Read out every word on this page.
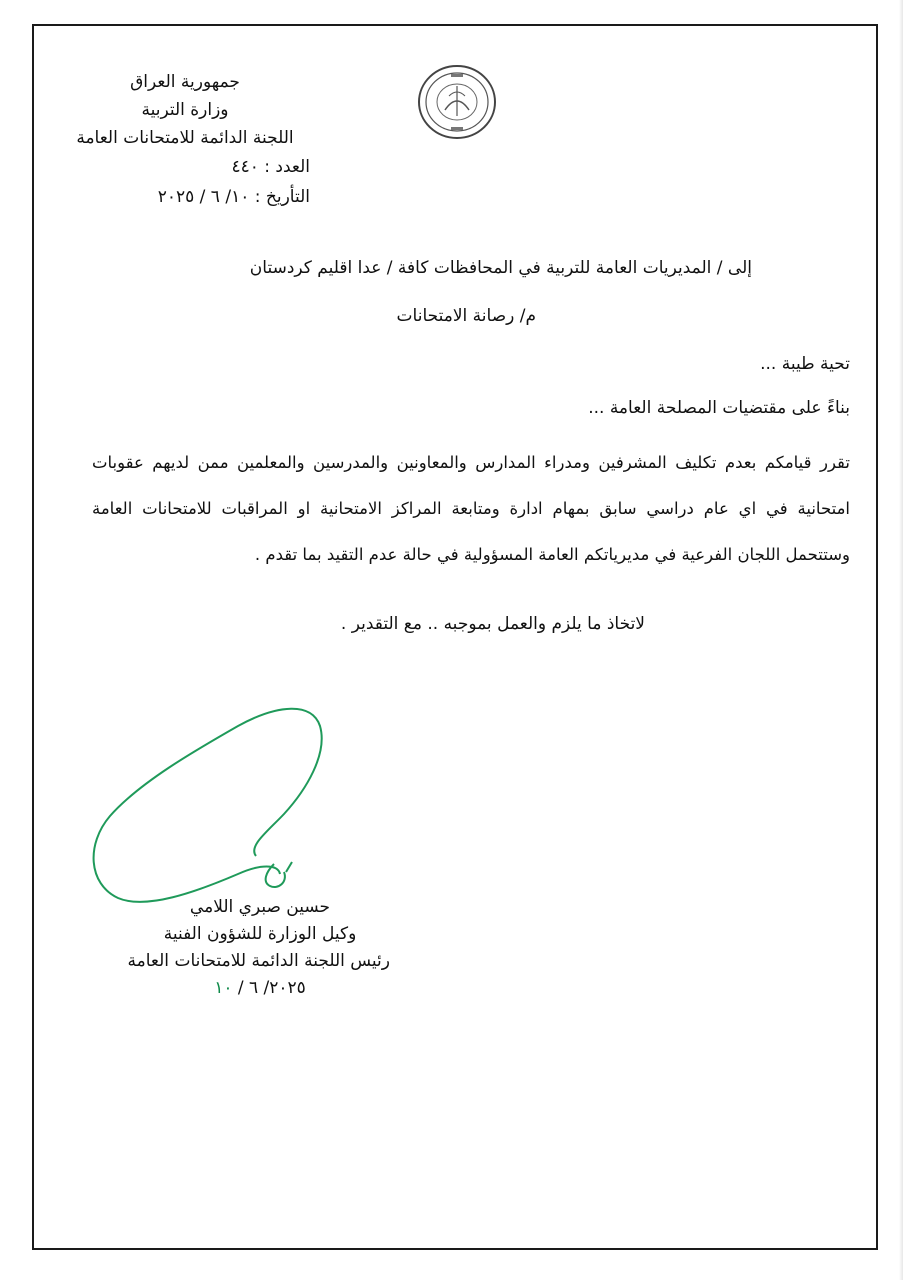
جمهورية العراق
وزارة التربية
اللجنة الدائمة للامتحانات العامة
العدد : ٤٤٠
التأريخ : ١٠/ ٦ / ٢٠٢٥
إلى / المديريات العامة للتربية في المحافظات كافة / عدا اقليم كردستان
م/ رصانة الامتحانات
تحية طيبة ...
بناءً على مقتضيات المصلحة العامة ...
تقرر قيامكم بعدم تكليف المشرفين ومدراء المدارس والمعاونين والمدرسين والمعلمين ممن لديهم عقوبات امتحانية في اي عام دراسي سابق بمهام ادارة ومتابعة المراكز الامتحانية او المراقبات للامتحانات العامة وستتحمل اللجان الفرعية في مديرياتكم العامة المسؤولية في حالة عدم التقيد بما تقدم .
لاتخاذ ما يلزم والعمل بموجبه .. مع التقدير .
حسين صبري اللامي
وكيل الوزارة للشؤون الفنية
رئيس اللجنة الدائمة للامتحانات العامة
٢٠٢٥/ ٦ / ١٠
